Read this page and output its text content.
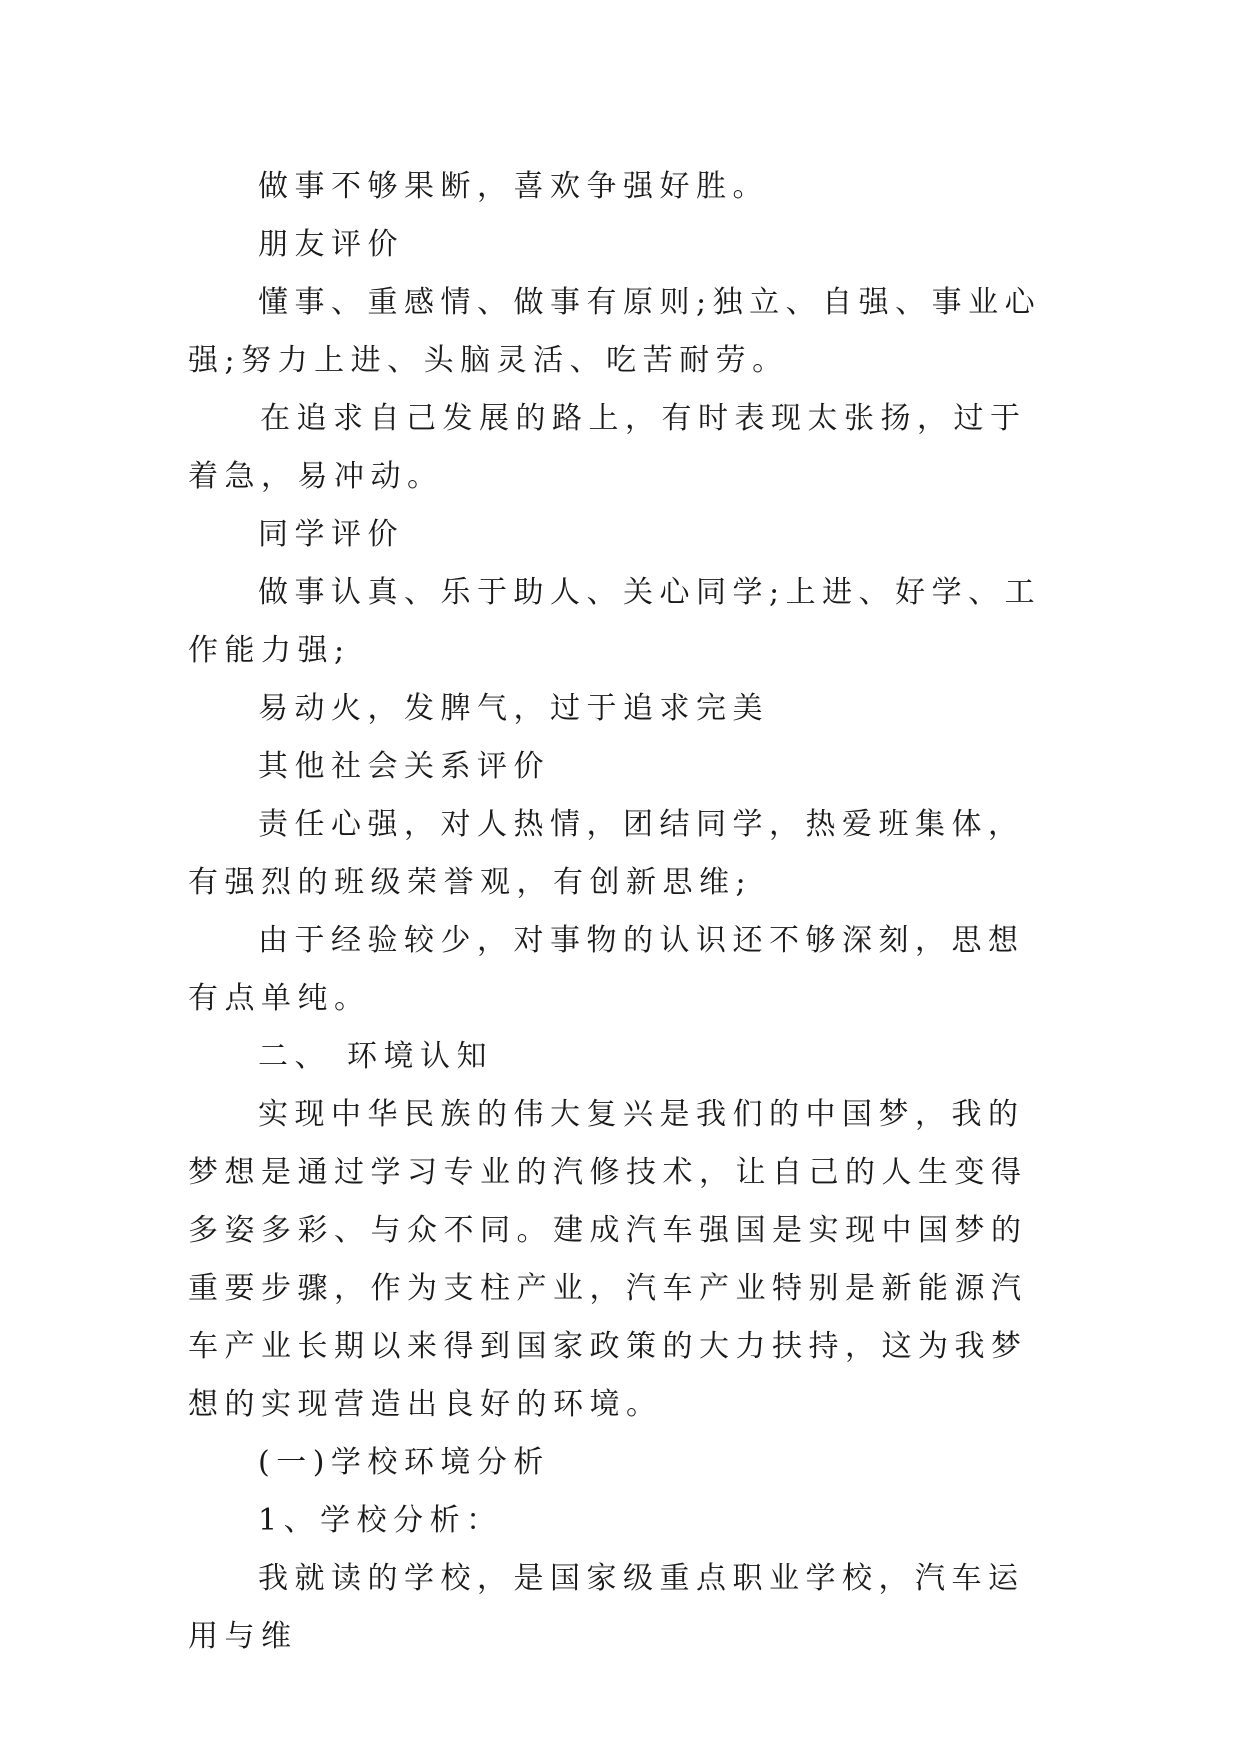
做事不够果断，喜欢争强好胜。

朋友评价

懂事、重感情、做事有原则;独立、自强、事业心强;努力上进、头脑灵活、吃苦耐劳。

在追求自己发展的路上，有时表现太张扬，过于着急，易冲动。

同学评价

做事认真、乐于助人、关心同学;上进、好学、工作能力强;

易动火，发脾气，过于追求完美

其他社会关系评价

责任心强，对人热情，团结同学，热爱班集体，有强烈的班级荣誉观，有创新思维;

由于经验较少，对事物的认识还不够深刻，思想有点单纯。

二、 环境认知

实现中华民族的伟大复兴是我们的中国梦，我的梦想是通过学习专业的汽修技术，让自己的人生变得多姿多彩、与众不同。建成汽车强国是实现中国梦的重要步骤，作为支柱产业，汽车产业特别是新能源汽车产业长期以来得到国家政策的大力扶持，这为我梦想的实现营造出良好的环境。

(一)学校环境分析

1、学校分析：

我就读的学校，是国家级重点职业学校，汽车运用与维
